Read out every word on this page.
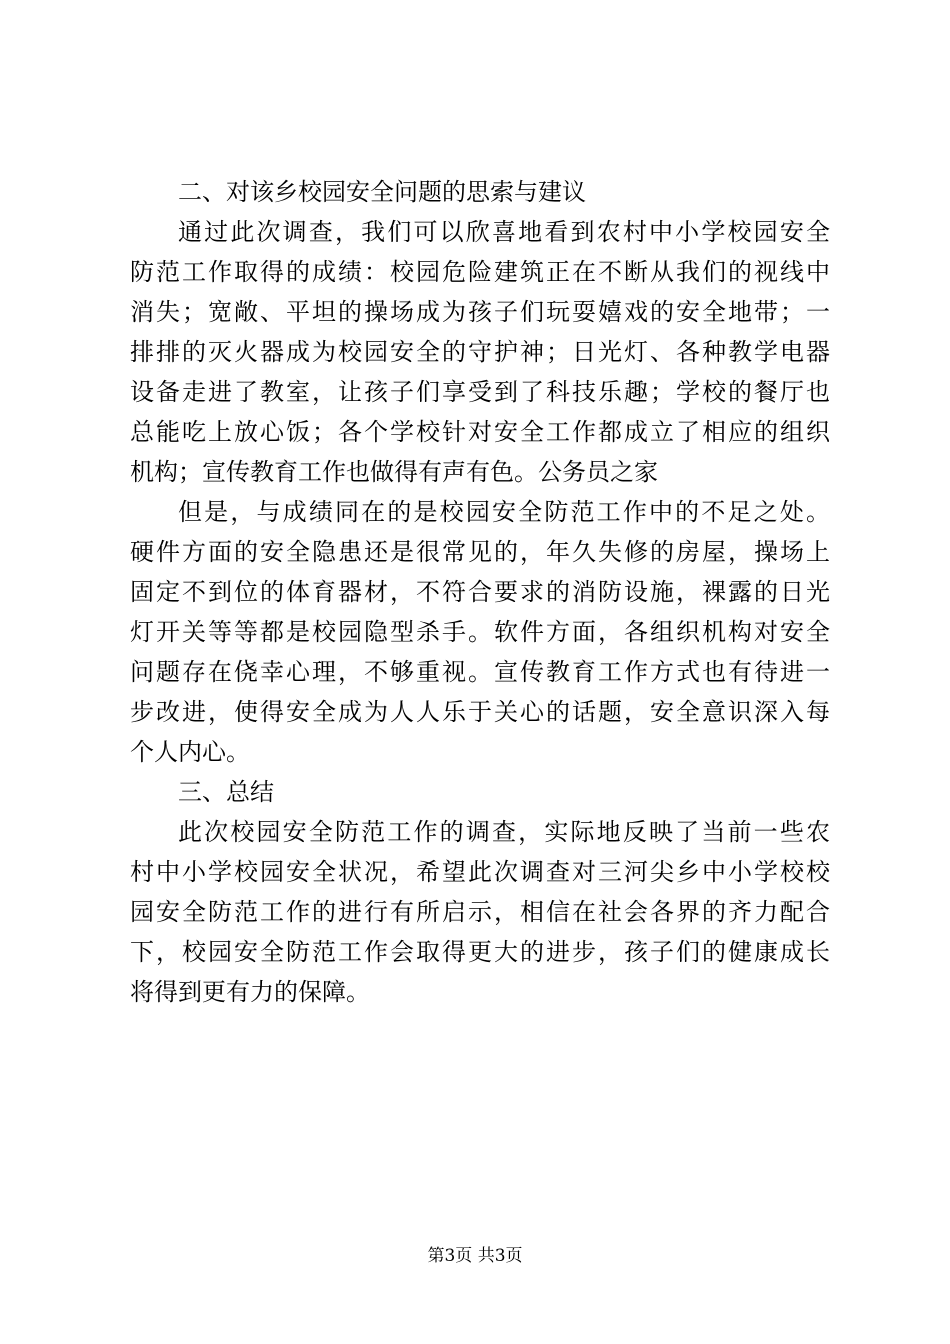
二、对该乡校园安全问题的思索与建议
通过此次调查，我们可以欣喜地看到农村中小学校园安全
防范工作取得的成绩：校园危险建筑正在不断从我们的视线中
消失；宽敞、平坦的操场成为孩子们玩耍嬉戏的安全地带；一
排排的灭火器成为校园安全的守护神；日光灯、各种教学电器
设备走进了教室，让孩子们享受到了科技乐趣；学校的餐厅也
总能吃上放心饭；各个学校针对安全工作都成立了相应的组织
机构；宣传教育工作也做得有声有色。公务员之家
但是，与成绩同在的是校园安全防范工作中的不足之处。
硬件方面的安全隐患还是很常见的，年久失修的房屋，操场上
固定不到位的体育器材，不符合要求的消防设施，裸露的日光
灯开关等等都是校园隐型杀手。软件方面，各组织机构对安全
问题存在侥幸心理，不够重视。宣传教育工作方式也有待进一
步改进，使得安全成为人人乐于关心的话题，安全意识深入每
个人内心。
三、总结
此次校园安全防范工作的调查，实际地反映了当前一些农
村中小学校园安全状况，希望此次调查对三河尖乡中小学校校
园安全防范工作的进行有所启示，相信在社会各界的齐力配合
下，校园安全防范工作会取得更大的进步，孩子们的健康成长
将得到更有力的保障。
第3页 共3页
